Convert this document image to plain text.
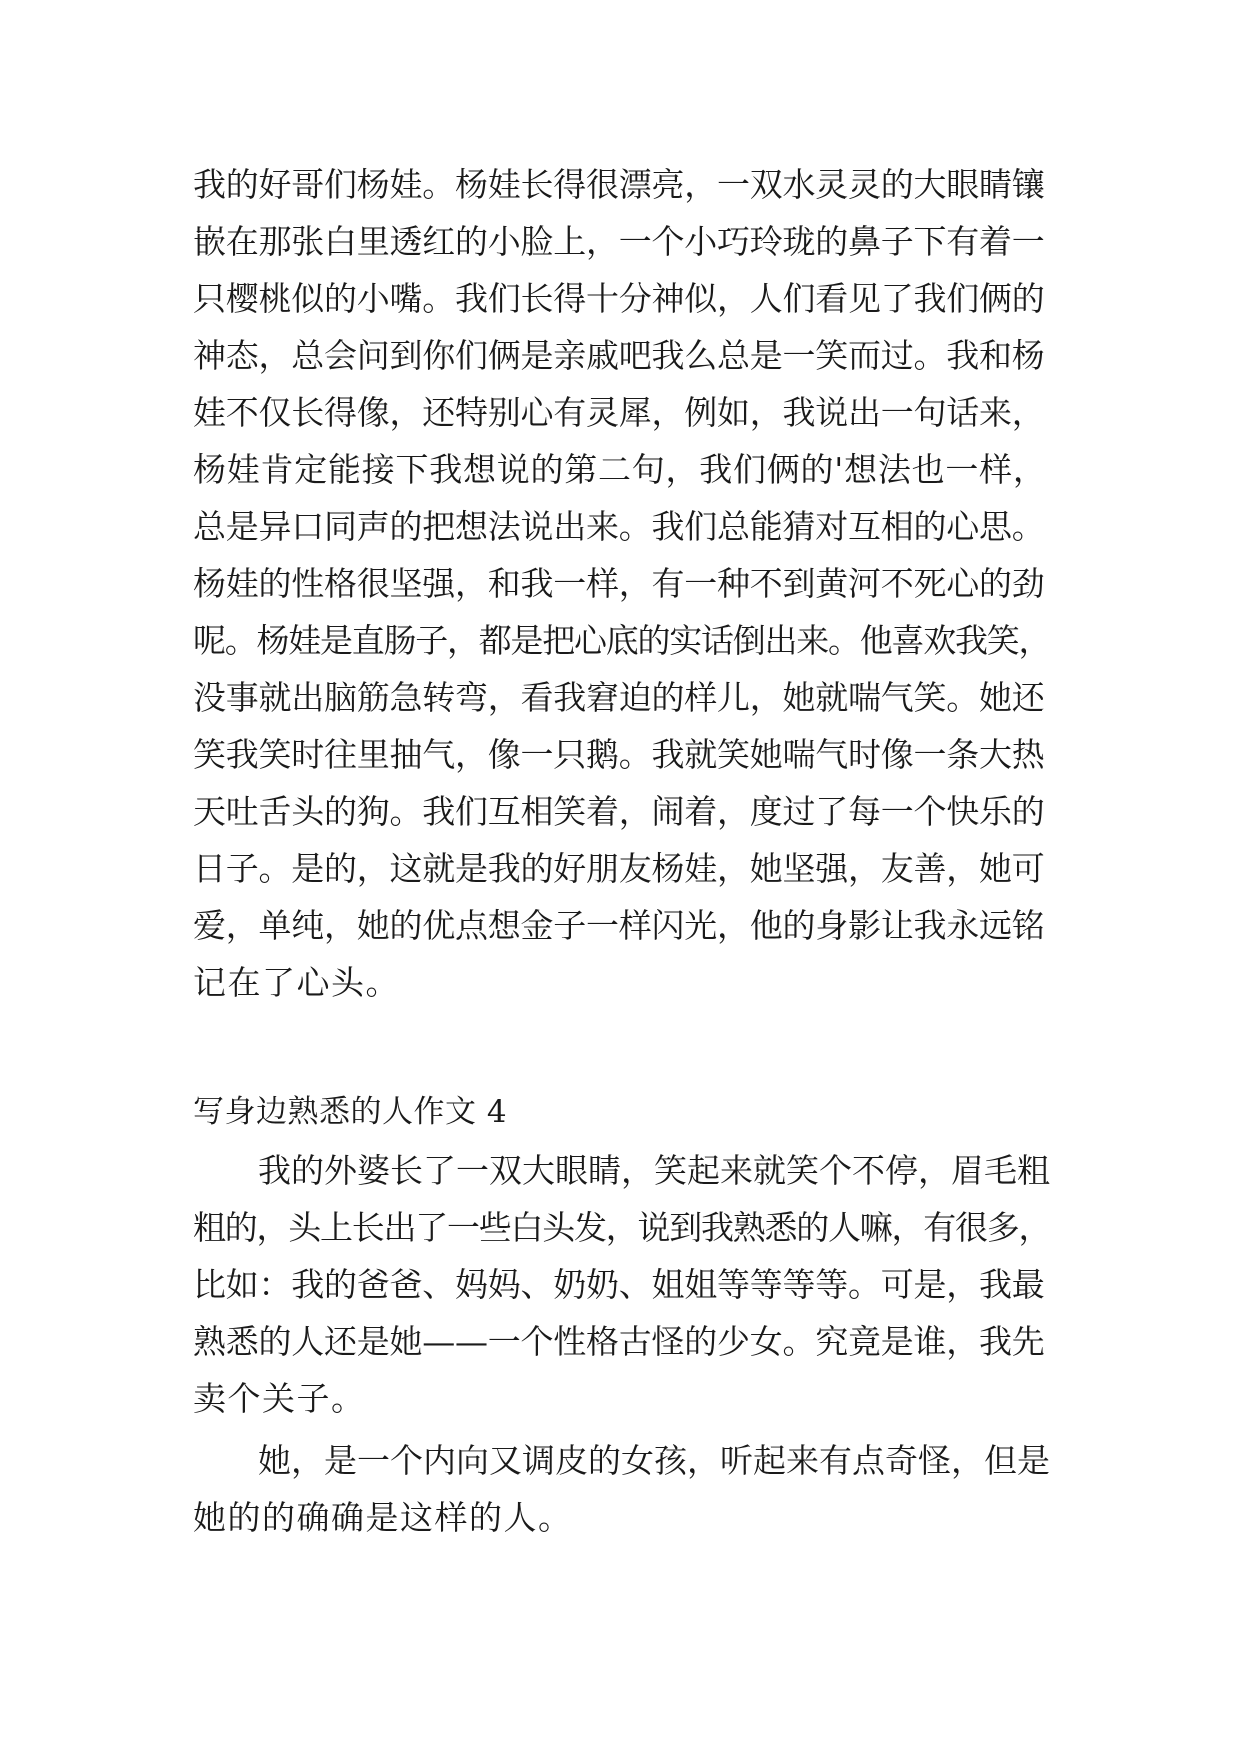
我的好哥们杨娃。杨娃长得很漂亮，一双水灵灵的大眼睛镶
嵌在那张白里透红的小脸上，一个小巧玲珑的鼻子下有着一
只樱桃似的小嘴。我们长得十分神似，人们看见了我们俩的
神态，总会问到你们俩是亲戚吧我么总是一笑而过。我和杨
娃不仅长得像，还特别心有灵犀，例如，我说出一句话来，
杨娃肯定能接下我想说的第二句，我们俩的'想法也一样，
总是异口同声的把想法说出来。我们总能猜对互相的心思。
杨娃的性格很坚强，和我一样，有一种不到黄河不死心的劲
呢。杨娃是直肠子，都是把心底的实话倒出来。他喜欢我笑，
没事就出脑筋急转弯，看我窘迫的样儿，她就喘气笑。她还
笑我笑时往里抽气，像一只鹅。我就笑她喘气时像一条大热
天吐舌头的狗。我们互相笑着，闹着，度过了每一个快乐的
日子。是的，这就是我的好朋友杨娃，她坚强，友善，她可
爱，单纯，她的优点想金子一样闪光，他的身影让我永远铭
记在了心头。
写身边熟悉的人作文 4
我的外婆长了一双大眼睛，笑起来就笑个不停，眉毛粗
粗的，头上长出了一些白头发，说到我熟悉的人嘛，有很多，
比如：我的爸爸、妈妈、奶奶、姐姐等等等等。可是，我最
熟悉的人还是她——一个性格古怪的少女。究竟是谁，我先
卖个关子。
她，是一个内向又调皮的女孩，听起来有点奇怪，但是
她的的确确是这样的人。
